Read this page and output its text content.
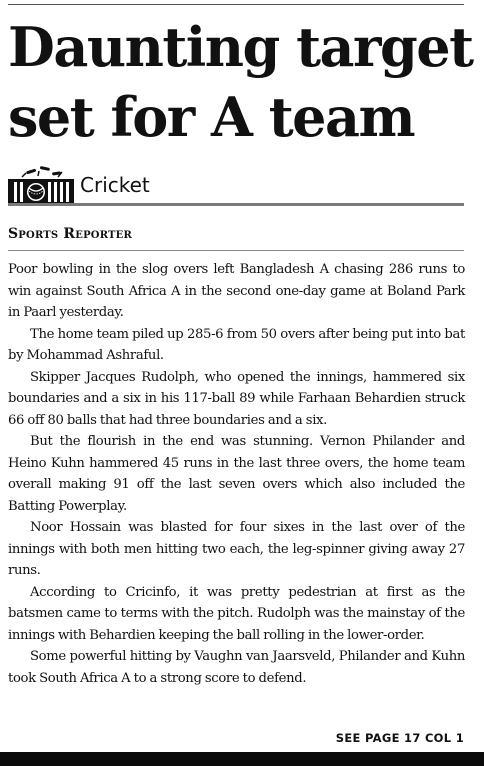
Daunting target
set for A team
Cricket
Sports Reporter

Poor bowling in the slog overs left Bangladesh A chasing 286 runs to win against South Africa A in the second one-day game at Boland Park in Paarl yesterday.

The home team piled up 285-6 from 50 overs after being put into bat by Mohammad Ashraful.

Skipper Jacques Rudolph, who opened the innings, hammered six boundaries and a six in his 117-ball 89 while Farhaan Behardien struck 66 off 80 balls that had three boundaries and a six.

But the flourish in the end was stunning. Vernon Philander and Heino Kuhn hammered 45 runs in the last three overs, the home team overall making 91 off the last seven overs which also included the Batting Powerplay.

Noor Hossain was blasted for four sixes in the last over of the innings with both men hitting two each, the leg-spinner giving away 27 runs.

According to Cricinfo, it was pretty pedestrian at first as the batsmen came to terms with the pitch. Rudolph was the mainstay of the innings with Behardien keeping the ball rolling in the lower-order.

Some powerful hitting by Vaughn van Jaarsveld, Philander and Kuhn took South Africa A to a strong score to defend.

SEE PAGE 17 COL 1
